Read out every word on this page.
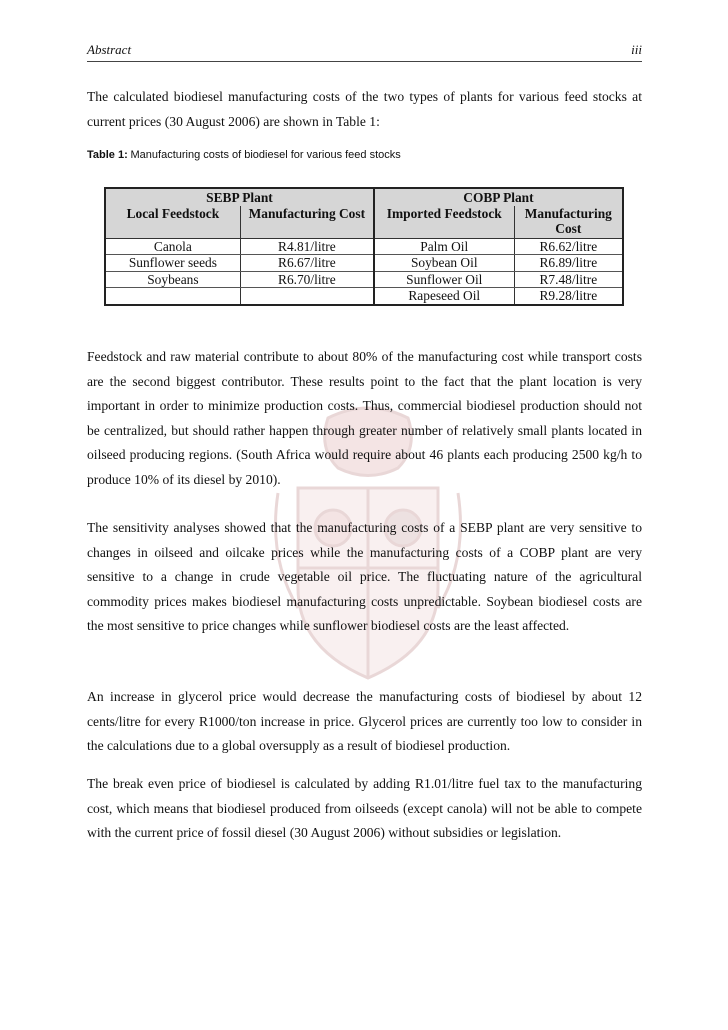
Abstract	iii

The calculated biodiesel manufacturing costs of the two types of plants for various feed stocks at current prices (30 August 2006) are shown in Table 1:

Table 1: Manufacturing costs of biodiesel for various feed stocks
SEBP Plant		COBP Plant	
Local Feedstock	Manufacturing Cost	Imported Feedstock	Manufacturing Cost
Canola	R4.81/litre	Palm Oil	R6.62/litre
Sunflower seeds	R6.67/litre	Soybean Oil	R6.89/litre
Soybeans	R6.70/litre	Sunflower Oil	R7.48/litre
		Rapeseed Oil	R9.28/litre

Feedstock and raw material contribute to about 80% of the manufacturing cost while transport costs are the second biggest contributor. These results point to the fact that the plant location is very important in order to minimize production costs. Thus, commercial biodiesel production should not be centralized, but should rather happen through greater number of relatively small plants located in oilseed producing regions. (South Africa would require about 46 plants each producing 2500 kg/h to produce 10% of its diesel by 2010).

The sensitivity analyses showed that the manufacturing costs of a SEBP plant are very sensitive to changes in oilseed and oilcake prices while the manufacturing costs of a COBP plant are very sensitive to a change in crude vegetable oil price. The fluctuating nature of the agricultural commodity prices makes biodiesel manufacturing costs unpredictable. Soybean biodiesel costs are the most sensitive to price changes while sunflower biodiesel costs are the least affected.

An increase in glycerol price would decrease the manufacturing costs of biodiesel by about 12 cents/litre for every R1000/ton increase in price. Glycerol prices are currently too low to consider in the calculations due to a global oversupply as a result of biodiesel production.

The break even price of biodiesel is calculated by adding R1.01/litre fuel tax to the manufacturing cost, which means that biodiesel produced from oilseeds (except canola) will not be able to compete with the current price of fossil diesel (30 August 2006) without subsidies or legislation.
